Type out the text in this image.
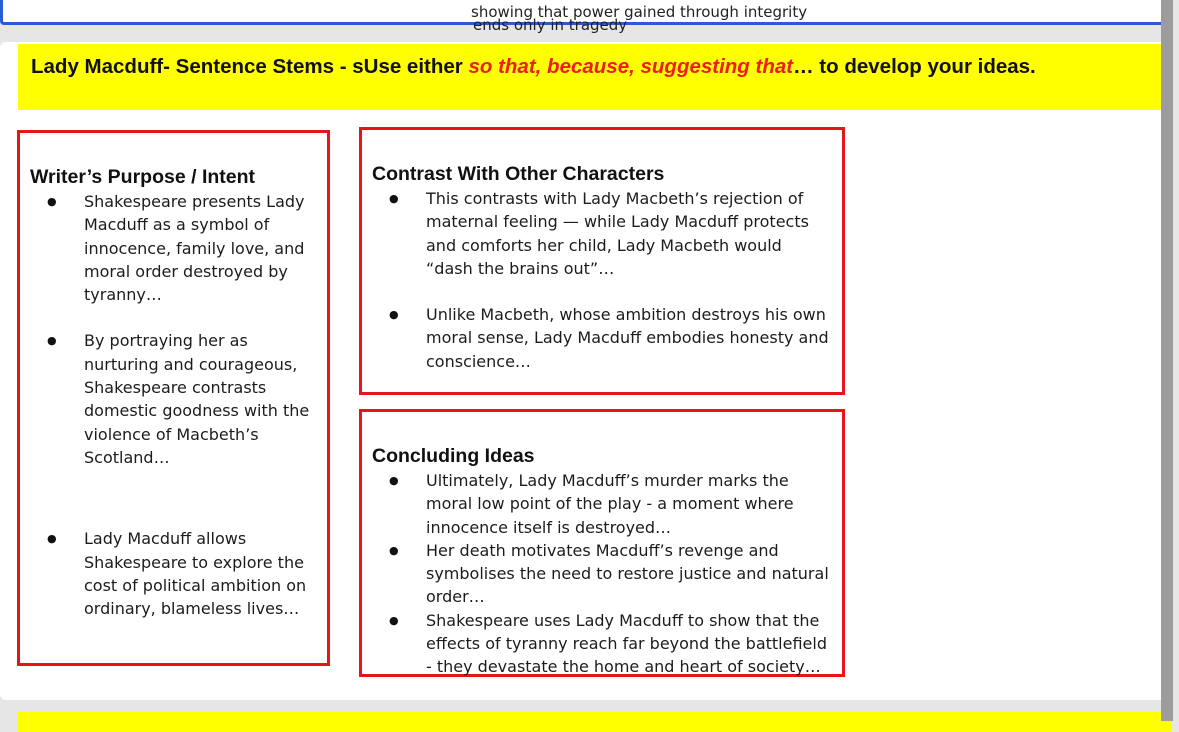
showing that power gained through integrity
ends only in tragedy
Lady Macduff- Sentence Stems - sUse either so that, because, suggesting that… to develop your ideas.
Writer’s Purpose / Intent
● Shakespeare presents Lady Macduff as a symbol of innocence, family love, and moral order destroyed by tyranny…
● By portraying her as nurturing and courageous, Shakespeare contrasts domestic goodness with the violence of Macbeth’s Scotland…
● Lady Macduff allows Shakespeare to explore the cost of political ambition on ordinary, blameless lives…
Contrast With Other Characters
● This contrasts with Lady Macbeth’s rejection of maternal feeling — while Lady Macduff protects and comforts her child, Lady Macbeth would “dash the brains out”…
● Unlike Macbeth, whose ambition destroys his own moral sense, Lady Macduff embodies honesty and conscience…
Concluding Ideas
● Ultimately, Lady Macduff’s murder marks the moral low point of the play - a moment where innocence itself is destroyed…
● Her death motivates Macduff’s revenge and symbolises the need to restore justice and natural order…
● Shakespeare uses Lady Macduff to show that the effects of tyranny reach far beyond the battlefield - they devastate the home and heart of society…
